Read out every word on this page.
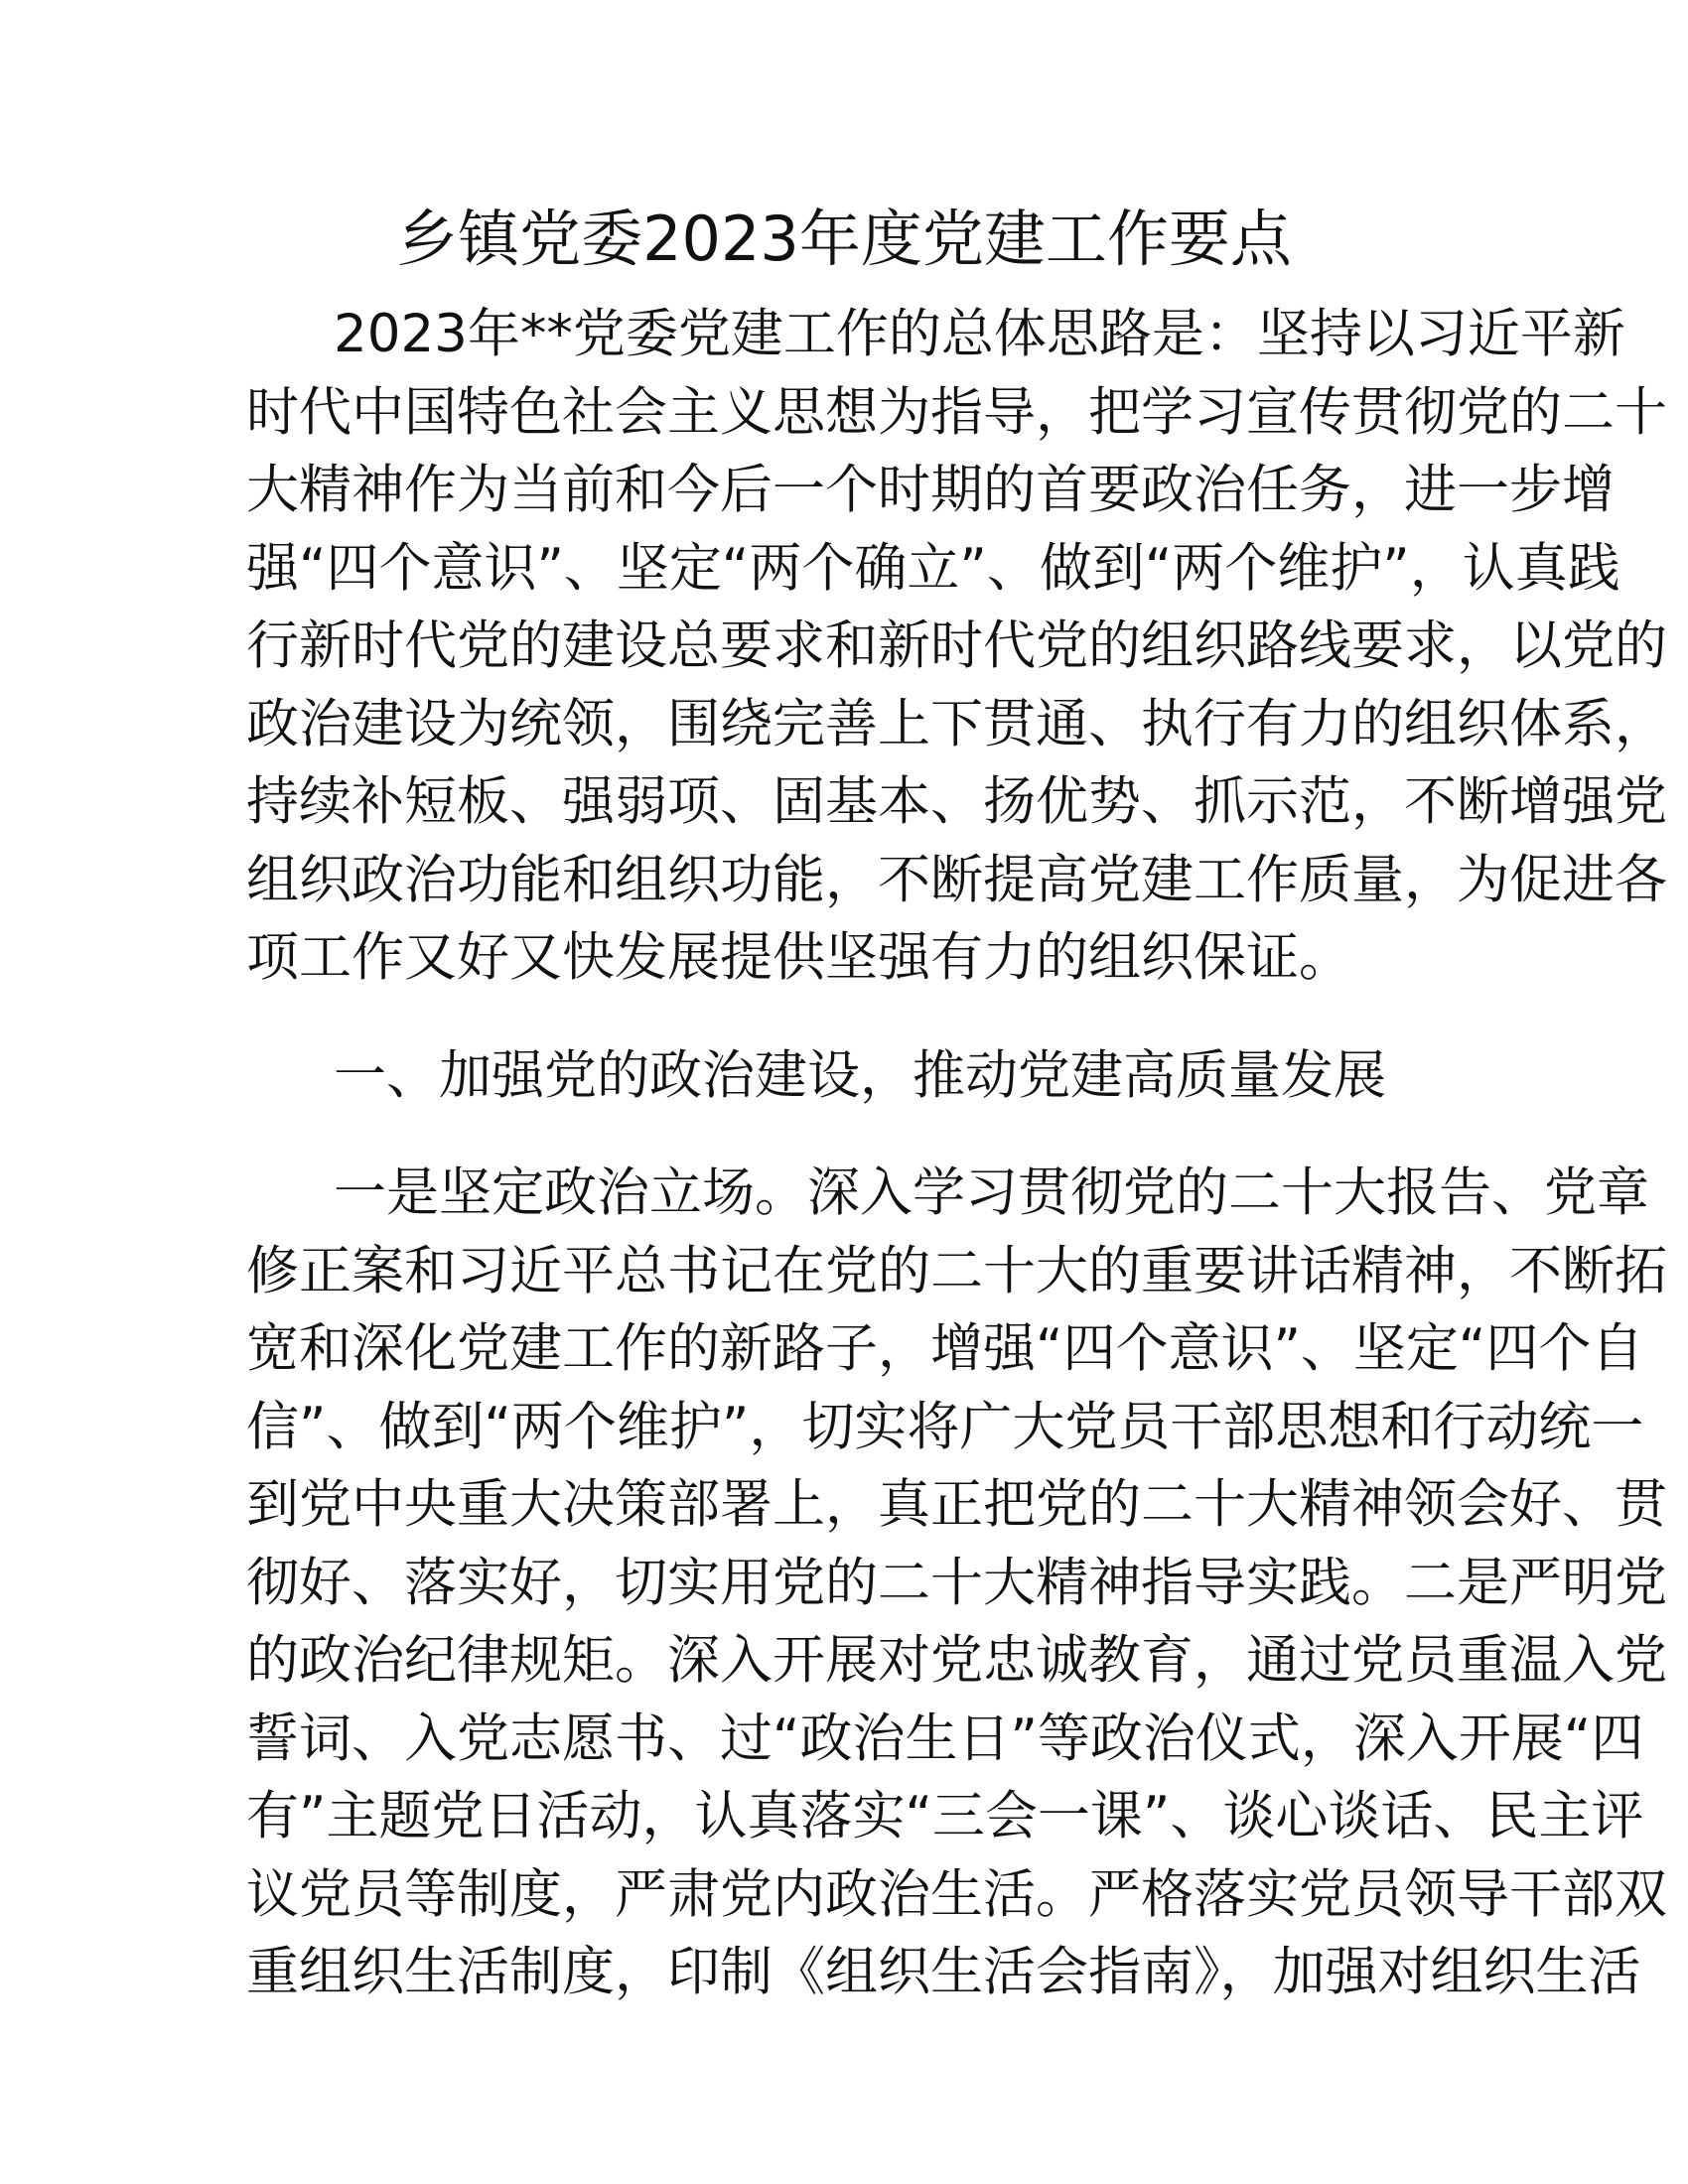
乡镇党委2023年度党建工作要点
2023年**党委党建工作的总体思路是：坚持以习近平新
时代中国特色社会主义思想为指导，把学习宣传贯彻党的二十
大精神作为当前和今后一个时期的首要政治任务，进一步增
强“四个意识”、坚定“两个确立”、做到“两个维护”，认真践
行新时代党的建设总要求和新时代党的组织路线要求，以党的
政治建设为统领，围绕完善上下贯通、执行有力的组织体系，
持续补短板、强弱项、固基本、扬优势、抓示范，不断增强党
组织政治功能和组织功能，不断提高党建工作质量，为促进各
项工作又好又快发展提供坚强有力的组织保证。
一、加强党的政治建设，推动党建高质量发展
一是坚定政治立场。深入学习贯彻党的二十大报告、党章
修正案和习近平总书记在党的二十大的重要讲话精神，不断拓
宽和深化党建工作的新路子，增强“四个意识”、坚定“四个自
信”、做到“两个维护”，切实将广大党员干部思想和行动统一
到党中央重大决策部署上，真正把党的二十大精神领会好、贯
彻好、落实好，切实用党的二十大精神指导实践。二是严明党
的政治纪律规矩。深入开展对党忠诚教育，通过党员重温入党
誓词、入党志愿书、过“政治生日”等政治仪式，深入开展“四
有”主题党日活动，认真落实“三会一课”、谈心谈话、民主评
议党员等制度，严肃党内政治生活。严格落实党员领导干部双
重组织生活制度，印制《组织生活会指南》，加强对组织生活
